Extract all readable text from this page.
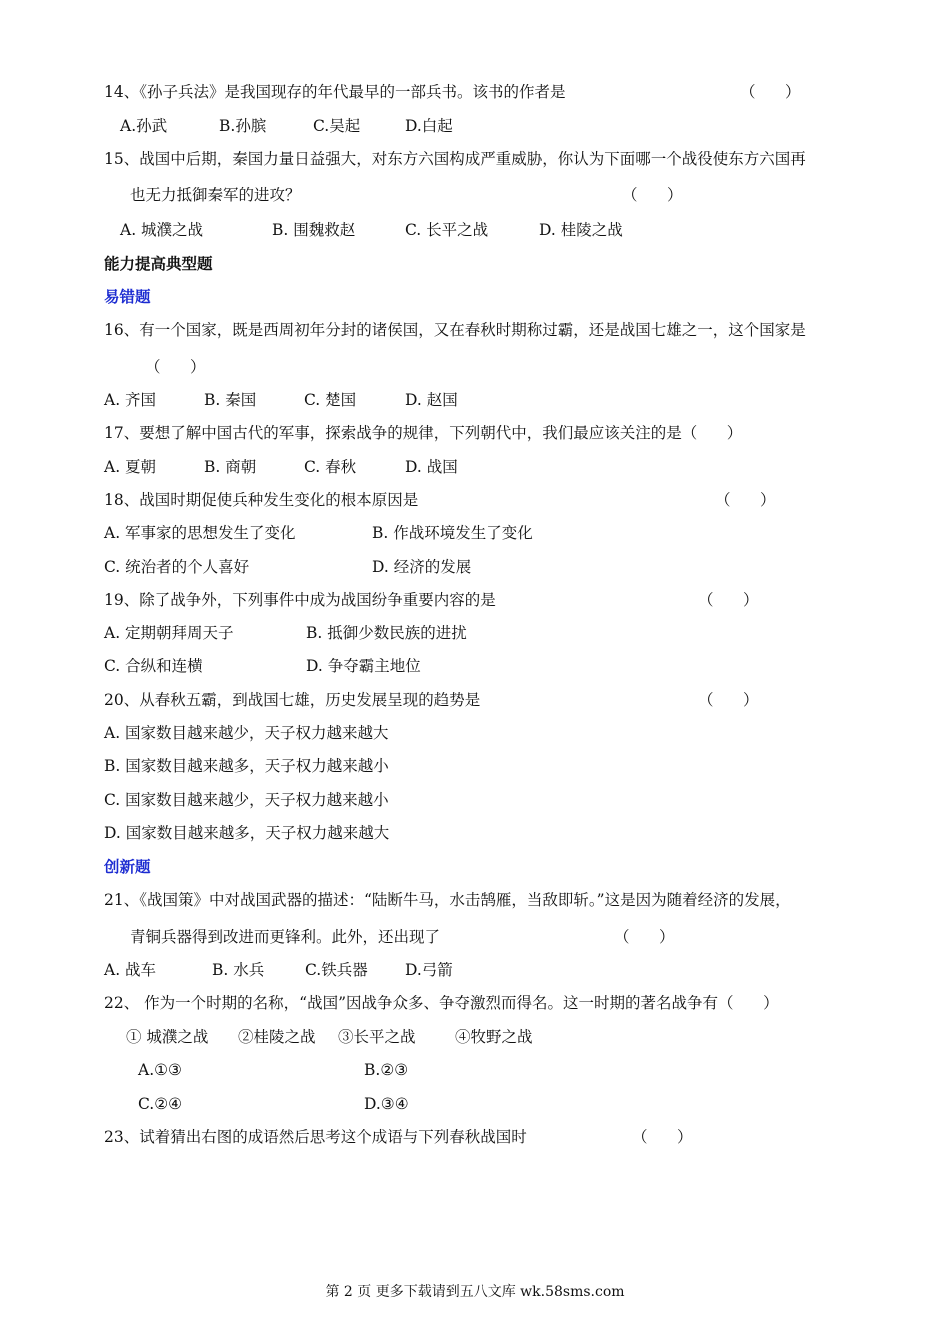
14、《孙子兵法》是我国现存的年代最早的一部兵书。该书的作者是	（      ）
A.孙武	B.孙膑	C.吴起	D.白起
15、战国中后期，秦国力量日益强大，对东方六国构成严重威胁，你认为下面哪一个战役使东方六国再
也无力抵御秦军的进攻？	（      ）
A. 城濮之战	B. 围魏救赵	C. 长平之战	D. 桂陵之战
能力提高典型题
易错题
16、有一个国家，既是西周初年分封的诸侯国，又在春秋时期称过霸，还是战国七雄之一，这个国家是
（      ）
A. 齐国	B. 秦国	C. 楚国	D. 赵国
17、要想了解中国古代的军事，探索战争的规律，下列朝代中，我们最应该关注的是（      ）
A. 夏朝	B. 商朝	C. 春秋	D. 战国
18、战国时期促使兵种发生变化的根本原因是	（      ）
A. 军事家的思想发生了变化	B. 作战环境发生了变化
C. 统治者的个人喜好	D. 经济的发展
19、除了战争外，下列事件中成为战国纷争重要内容的是	（      ）
A. 定期朝拜周天子	B. 抵御少数民族的进扰
C. 合纵和连横	D. 争夺霸主地位
20、从春秋五霸，到战国七雄，历史发展呈现的趋势是	（      ）
A. 国家数目越来越少，天子权力越来越大
B. 国家数目越来越多，天子权力越来越小
C. 国家数目越来越少，天子权力越来越小
D. 国家数目越来越多，天子权力越来越大
创新题
21、《战国策》中对战国武器的描述：“陆断牛马，水击鹄雁，当敌即斩。”这是因为随着经济的发展，
青铜兵器得到改进而更锋利。此外，还出现了	（      ）
A. 战车	B. 水兵	C.铁兵器 D.弓箭
22、 作为一个时期的名称，“战国”因战争众多、争夺激烈而得名。这一时期的著名战争有（      ）
① 城濮之战 ②桂陵之战 ③长平之战	④牧野之战
A.①③	B.②③
C.②④	D.③④
23、试着猜出右图的成语然后思考这个成语与下列春秋战国时	（      ）
第 2 页 更多下载请到五八文库 wk.58sms.com
